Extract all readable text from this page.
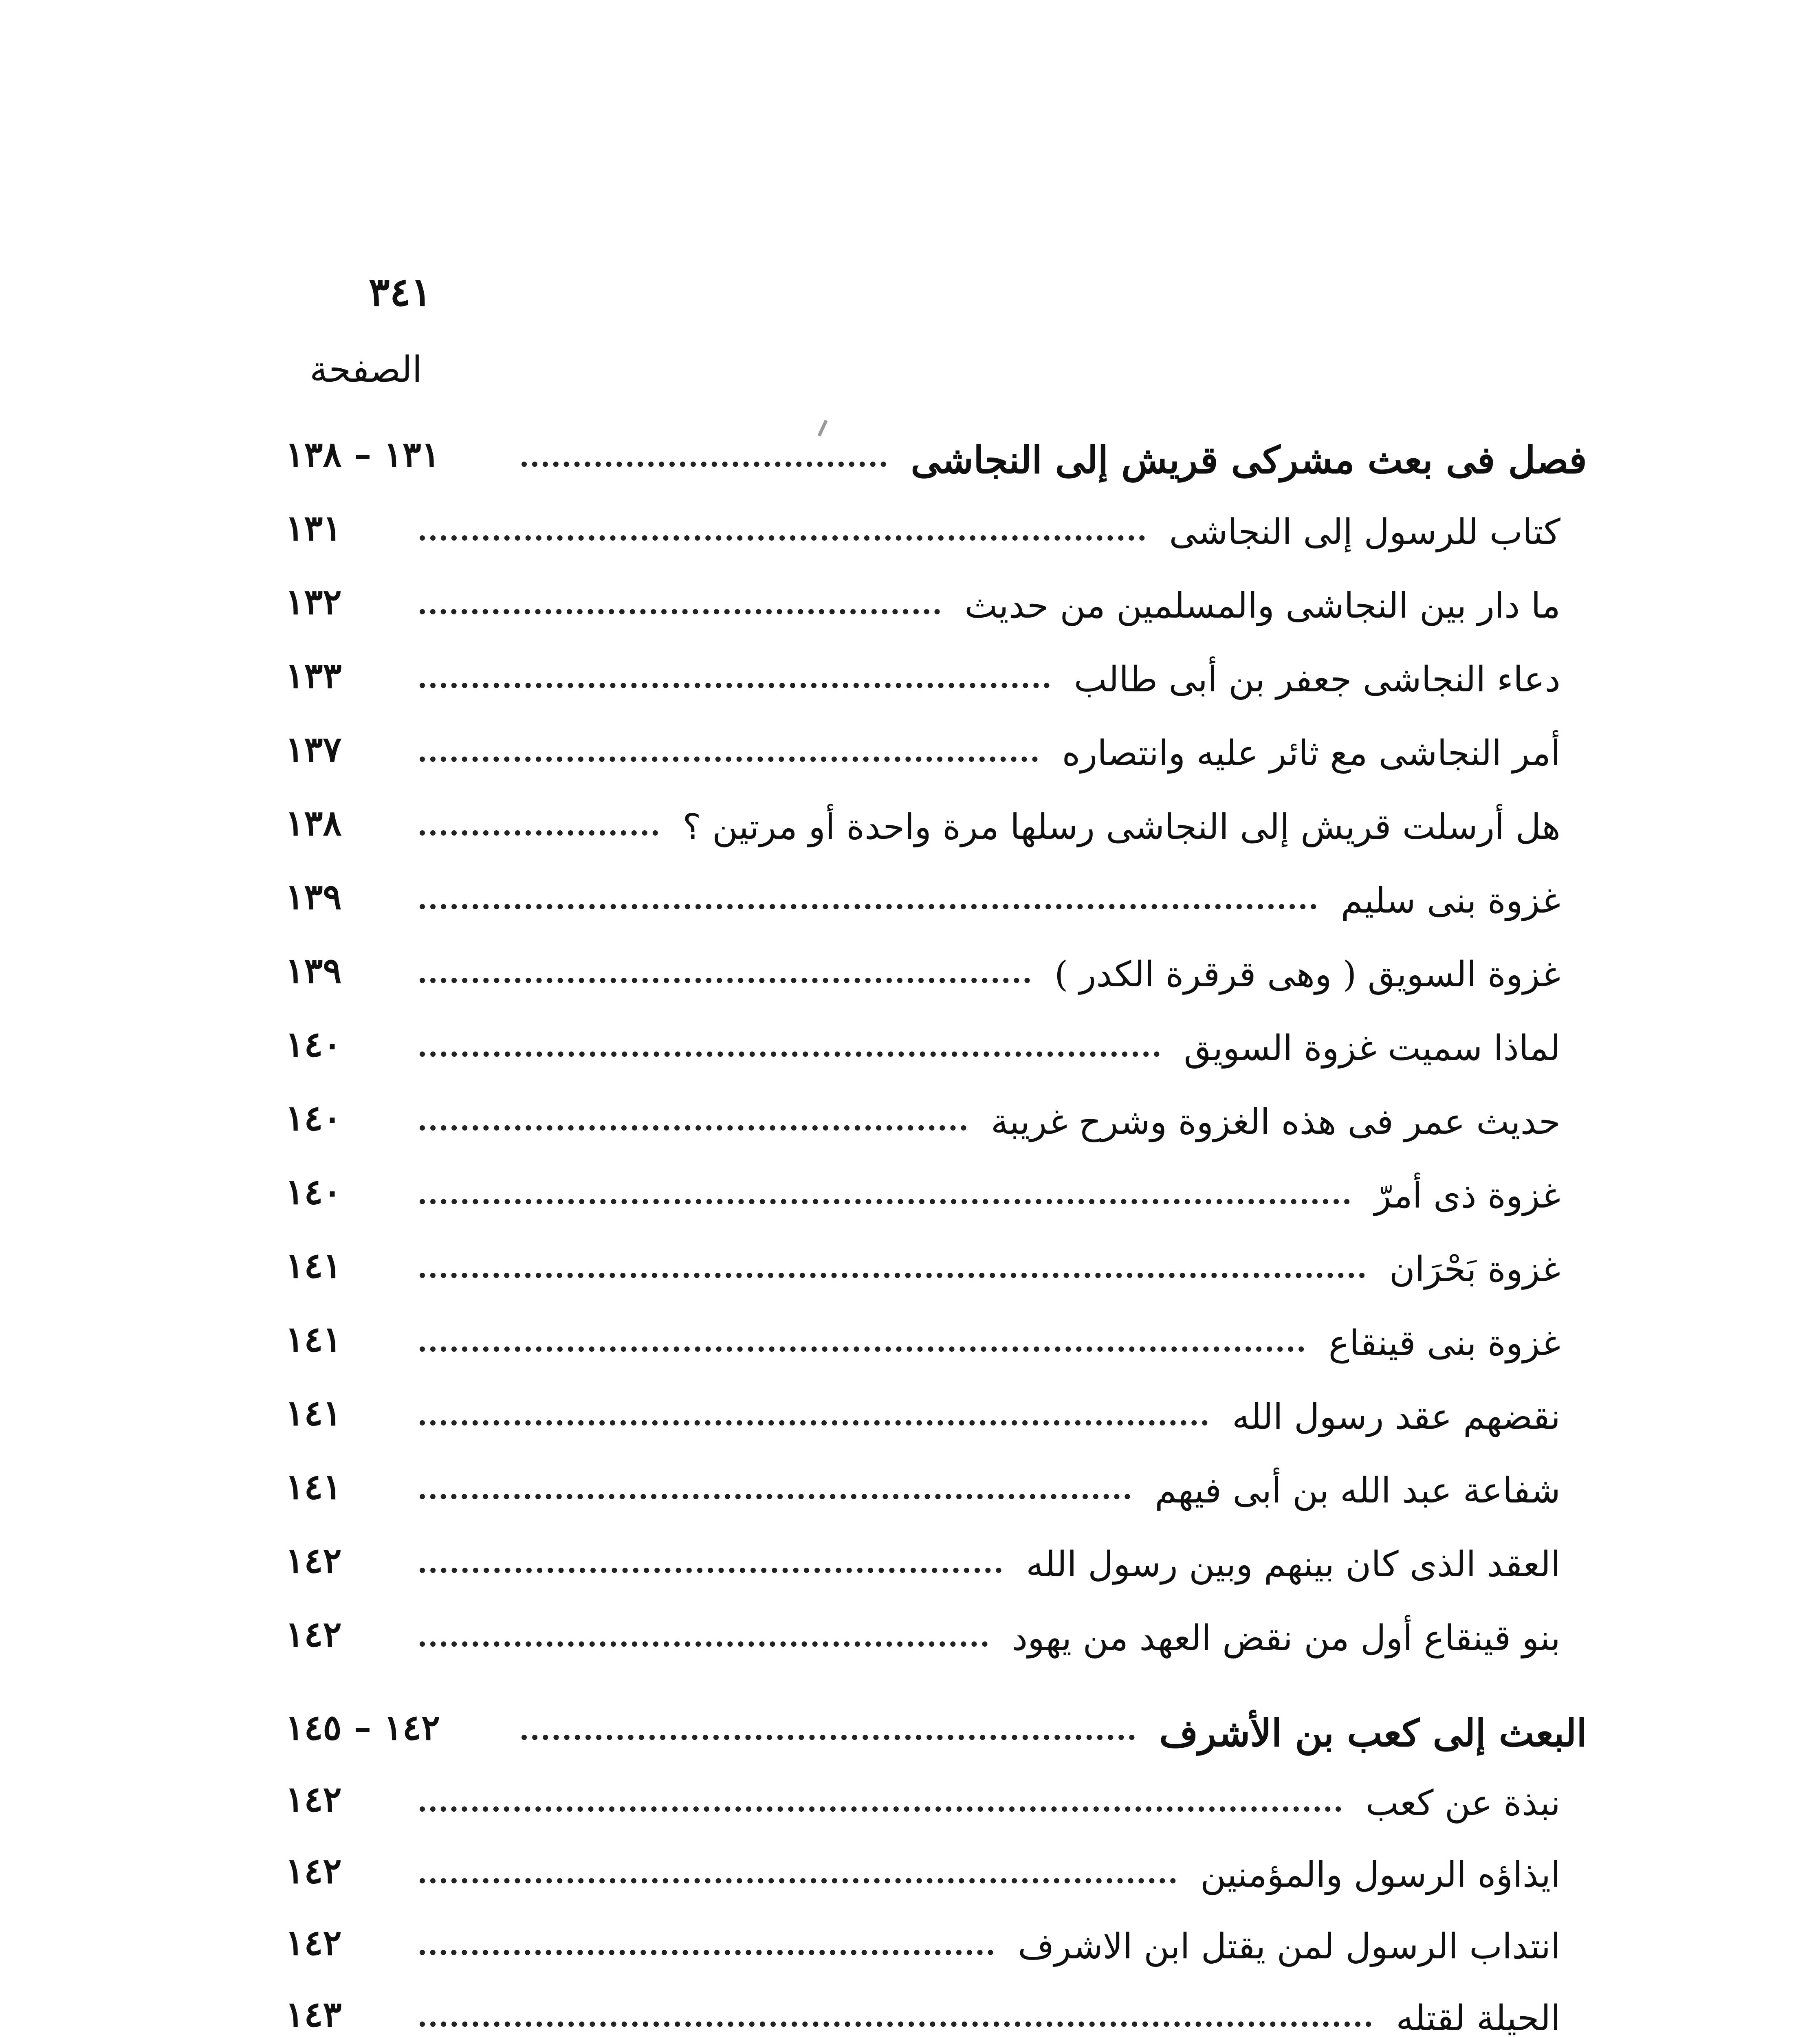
٣٤١
الصفحة
١٣١ – ١٣٨	فصل فى بعث مشركى قريش إلى النجاشى
١٣١	كتاب للرسول إلى النجاشى
١٣٢	ما دار بين النجاشى والمسلمين من حديث
١٣٣	دعاء النجاشى جعفر بن أبى طالب
١٣٧	أمر النجاشى مع ثائر عليه وانتصاره
١٣٨	هل أرسلت قريش إلى النجاشى رسلها مرة واحدة أو مرتين ؟
١٣٩	غزوة بنى سليم
١٣٩	غزوة السويق ( وهى قرقرة الكدر )
١٤٠	لماذا سميت غزوة السويق
١٤٠	حديث عمر فى هذه الغزوة وشرح غريبة
١٤٠	غزوة ذى أمرّ
١٤١	غزوة بَحْرَان
١٤١	غزوة بنى قينقاع
١٤١	نقضهم عقد رسول الله
١٤١	شفاعة عبد الله بن أبى فيهم
١٤٢	العقد الذى كان بينهم وبين رسول الله
١٤٢	بنو قينقاع أول من نقض العهد من يهود
١٤٢ – ١٤٥	البعث إلى كعب بن الأشرف
١٤٢	نبذة عن كعب
١٤٢	ايذاؤه الرسول والمؤمنين
١٤٢	انتداب الرسول لمن يقتل ابن الاشرف
١٤٣	الحيلة لقتله
